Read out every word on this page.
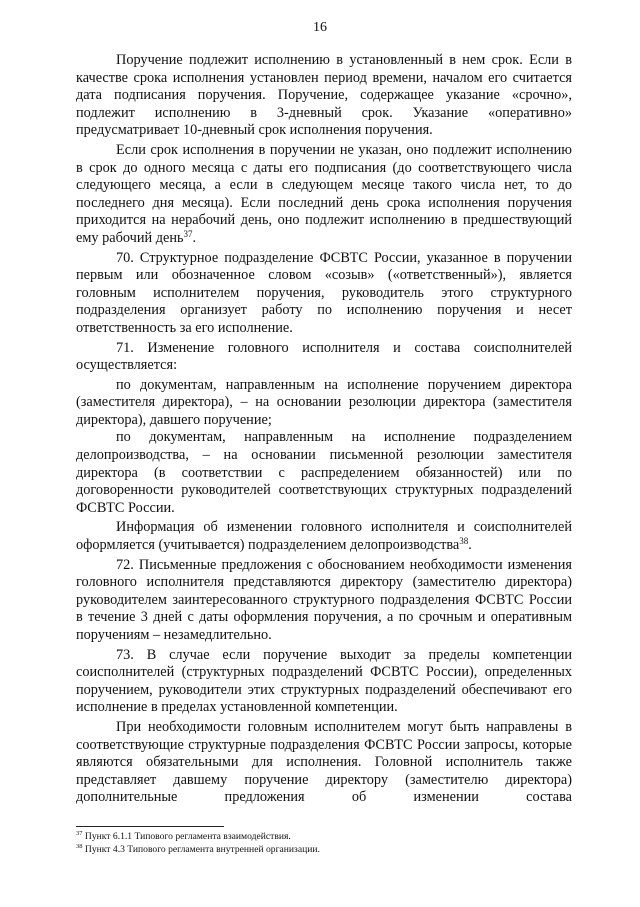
16

Поручение подлежит исполнению в установленный в нем срок. Если в качестве срока исполнения установлен период времени, началом его считается дата подписания поручения. Поручение, содержащее указание «срочно», подлежит исполнению в 3-дневный срок. Указание «оперативно» предусматривает 10-дневный срок исполнения поручения.

Если срок исполнения в поручении не указан, оно подлежит исполнению в срок до одного месяца с даты его подписания (до соответствующего числа следующего месяца, а если в следующем месяце такого числа нет, то до последнего дня месяца). Если последний день срока исполнения поручения приходится на нерабочий день, оно подлежит исполнению в предшествующий ему рабочий день$^{37}$.

70. Структурное подразделение ФСВТС России, указанное в поручении первым или обозначенное словом «созыв» («ответственный»), является головным исполнителем поручения, руководитель этого структурного подразделения организует работу по исполнению поручения и несет ответственность за его исполнение.

71. Изменение головного исполнителя и состава соисполнителей осуществляется:

по документам, направленным на исполнение поручением директора (заместителя директора), – на основании резолюции директора (заместителя директора), давшего поручение;

по документам, направленным на исполнение подразделением делопроизводства, – на основании письменной резолюции заместителя директора (в соответствии с распределением обязанностей) или по договоренности руководителей соответствующих структурных подразделений ФСВТС России.

Информация об изменении головного исполнителя и соисполнителей оформляется (учитывается) подразделением делопроизводства$^{38}$.

72. Письменные предложения с обоснованием необходимости изменения головного исполнителя представляются директору (заместителю директора) руководителем заинтересованного структурного подразделения ФСВТС России в течение 3 дней с даты оформления поручения, а по срочным и оперативным поручениям – незамедлительно.

73. В случае если поручение выходит за пределы компетенции соисполнителей (структурных подразделений ФСВТС России), определенных поручением, руководители этих структурных подразделений обеспечивают его исполнение в пределах установленной компетенции.

При необходимости головным исполнителем могут быть направлены в соответствующие структурные подразделения ФСВТС России запросы, которые являются обязательными для исполнения. Головной исполнитель также представляет давшему поручение директору (заместителю директора) дополнительные предложения об изменении состава

$^{37}$ Пункт 6.1.1 Типового регламента взаимодействия.
$^{38}$ Пункт 4.3 Типового регламента внутренней организации.
